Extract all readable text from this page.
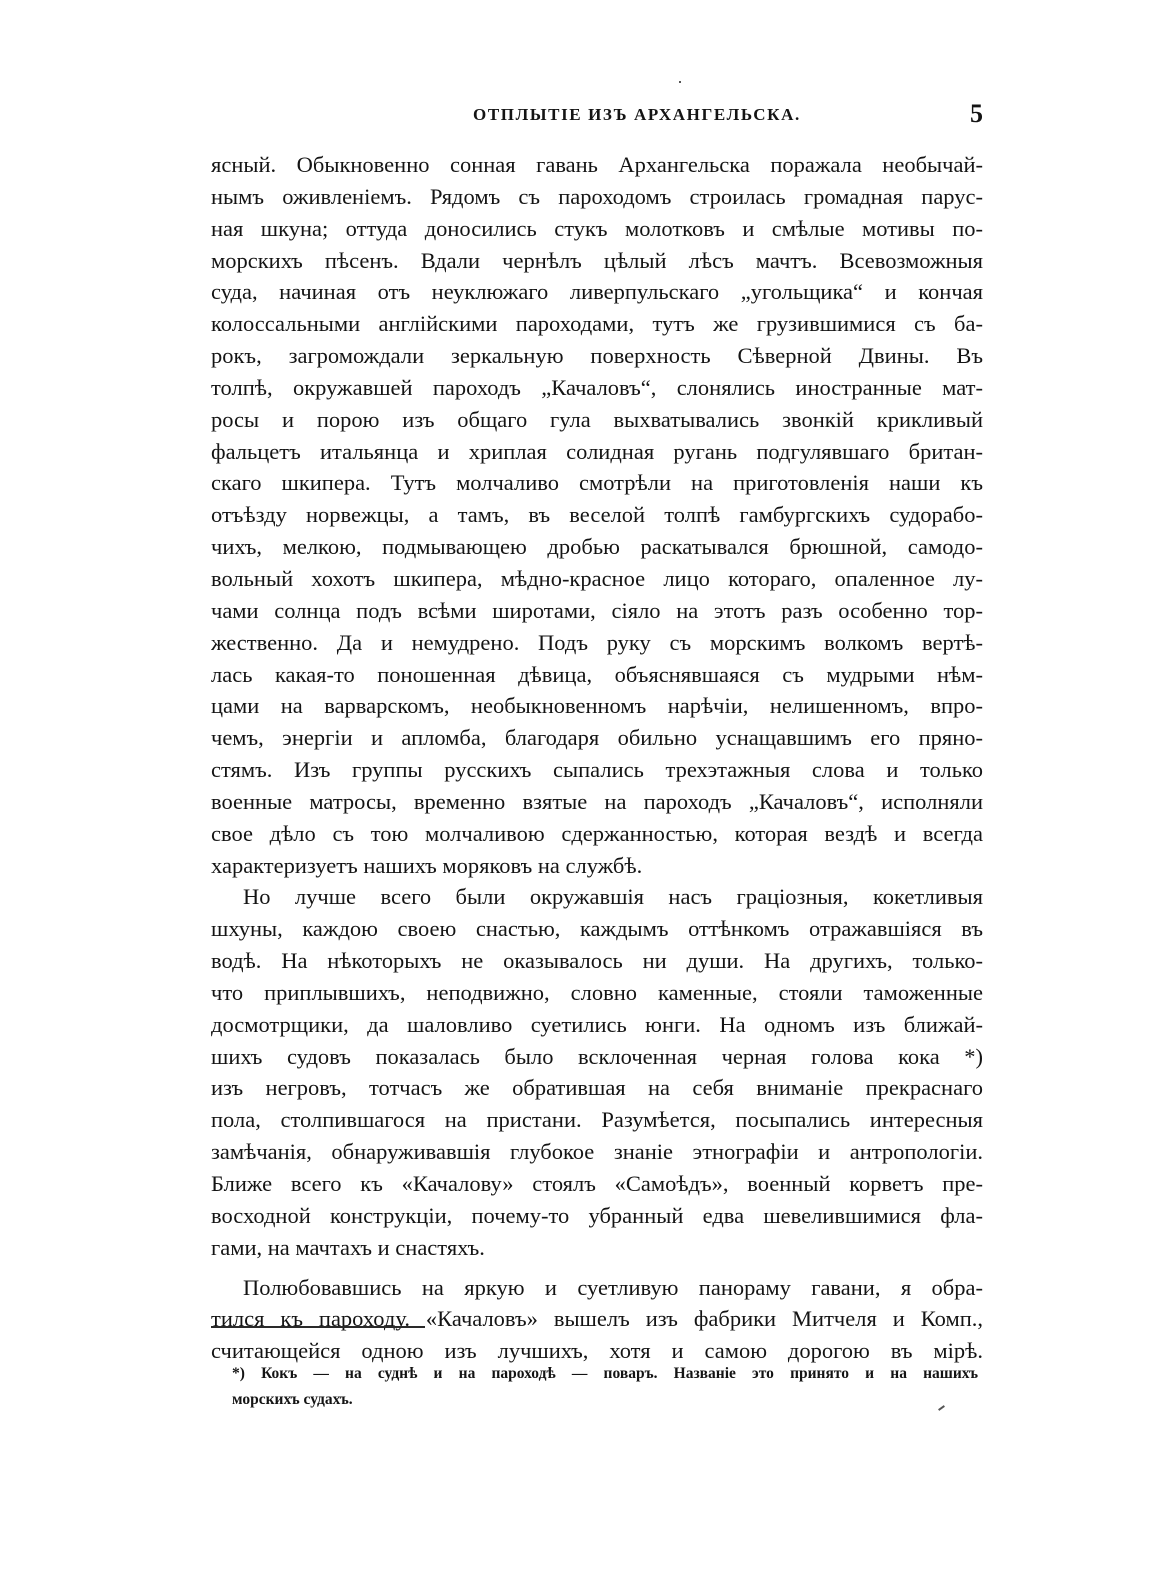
ОТПЛЫТІЕ ИЗЪ АРХАНГЕЛЬСКА.	5
ясный. Обыкновенно сонная гавань Архангельска поражала необычай-
нымъ оживленіемъ. Рядомъ съ пароходомъ строилась громадная парус-
ная шкуна; оттуда доносились стукъ молотковъ и смѣлые мотивы по-
морскихъ пѣсенъ. Вдали чернѣлъ цѣлый лѣсъ мачтъ. Всевозможныя
суда, начиная отъ неуклюжаго ливерпульскаго „угольщика“ и кончая
колоссальными англійскими пароходами, тутъ же грузившимися съ ба-
рокъ, загромождали зеркальную поверхность Сѣверной Двины. Въ
толпѣ, окружавшей пароходъ „Качаловъ“, слонялись иностранные мат-
росы и порою изъ общаго гула выхватывались звонкій крикливый
фальцетъ итальянца и хриплая солидная ругань подгулявшаго британ-
скаго шкипера. Тутъ молчаливо смотрѣли на приготовленія наши къ
отъѣзду норвежцы, а тамъ, въ веселой толпѣ гамбургскихъ судорабо-
чихъ, мелкою, подмывающею дробью раскатывался брюшной, самодо-
вольный хохотъ шкипера, мѣдно-красное лицо котораго, опаленное лу-
чами солнца подъ всѣми широтами, сіяло на этотъ разъ особенно тор-
жественно. Да и немудрено. Подъ руку съ морскимъ волкомъ вертѣ-
лась какая-то поношенная дѣвица, объяснявшаяся съ мудрыми нѣм-
цами на варварскомъ, необыкновенномъ нарѣчіи, нелишенномъ, впро-
чемъ, энергіи и апломба, благодаря обильно уснащавшимъ его пряно-
стямъ. Изъ группы русскихъ сыпались трехэтажныя слова и только
военные матросы, временно взятые на пароходъ „Качаловъ“, исполняли
свое дѣло съ тою молчаливою сдержанностью, которая вездѣ и всегда
характеризуетъ нашихъ моряковъ на службѣ.
Но лучше всего были окружавшія насъ граціозныя, кокетливыя
шхуны, каждою своею снастью, каждымъ оттѣнкомъ отражавшіяся въ
водѣ. На нѣкоторыхъ не оказывалось ни души. На другихъ, только-
что приплывшихъ, неподвижно, словно каменные, стояли таможенные
досмотрщики, да шаловливо суетились юнги. На одномъ изъ ближай-
шихъ судовъ показалась было всклоченная черная голова кока *)
изъ негровъ, тотчасъ же обратившая на себя вниманіе прекраснаго
пола, столпившагося на пристани. Разумѣется, посыпались интересныя
замѣчанія, обнаруживавшія глубокое знаніе этнографіи и антропологіи.
Ближе всего къ «Качалову» стоялъ «Самоѣдъ», военный корветъ пре-
восходной конструкціи, почему-то убранный едва шевелившимися фла-
гами, на мачтахъ и снастяхъ.
Полюбовавшись на яркую и суетливую панораму гавани, я обра-
тился къ пароходу. «Качаловъ» вышелъ изъ фабрики Митчеля и Комп.,
считающейся одною изъ лучшихъ, хотя и самою дорогою въ мірѣ.
*) Кокъ — на суднѣ и на пароходѣ — поваръ. Названіе это принято и на нашихъ
морскихъ судахъ.
